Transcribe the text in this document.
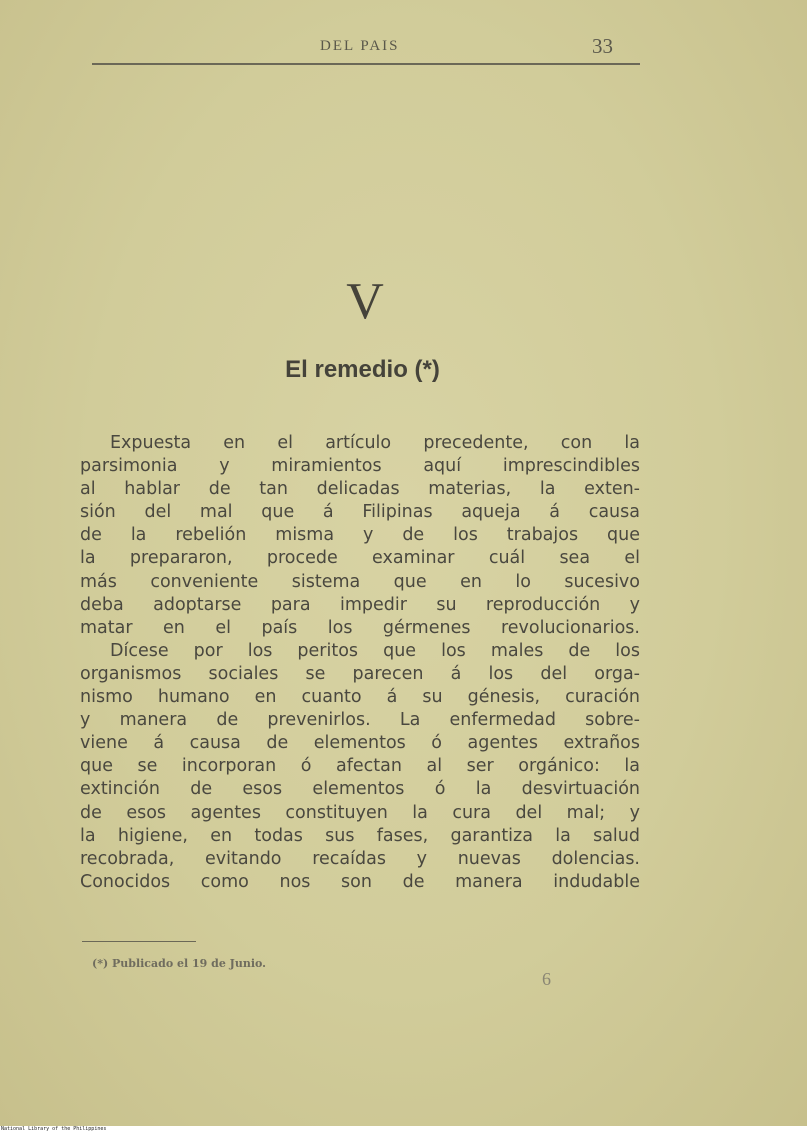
DEL PAIS	33
V
El remedio (*)
Expuesta en el artículo precedente, con la
parsimonia y miramientos aquí imprescindibles
al hablar de tan delicadas materias, la exten-
sión del mal que á Filipinas aqueja á causa
de la rebelión misma y de los trabajos que
la prepararon, procede examinar cuál sea el
más conveniente sistema que en lo sucesivo
deba adoptarse para impedir su reproducción y
matar en el país los gérmenes revolucionarios.
Dícese por los peritos que los males de los
organismos sociales se parecen á los del orga-
nismo humano en cuanto á su génesis, curación
y manera de prevenirlos. La enfermedad sobre-
viene á causa de elementos ó agentes extraños
que se incorporan ó afectan al ser orgánico: la
extinción de esos elementos ó la desvirtuación
de esos agentes constituyen la cura del mal; y
la higiene, en todas sus fases, garantiza la salud
recobrada, evitando recaídas y nuevas dolencias.
Conocidos como nos son de manera indudable
(*) Publicado el 19 de Junio.
6
National Library of the Philippines
